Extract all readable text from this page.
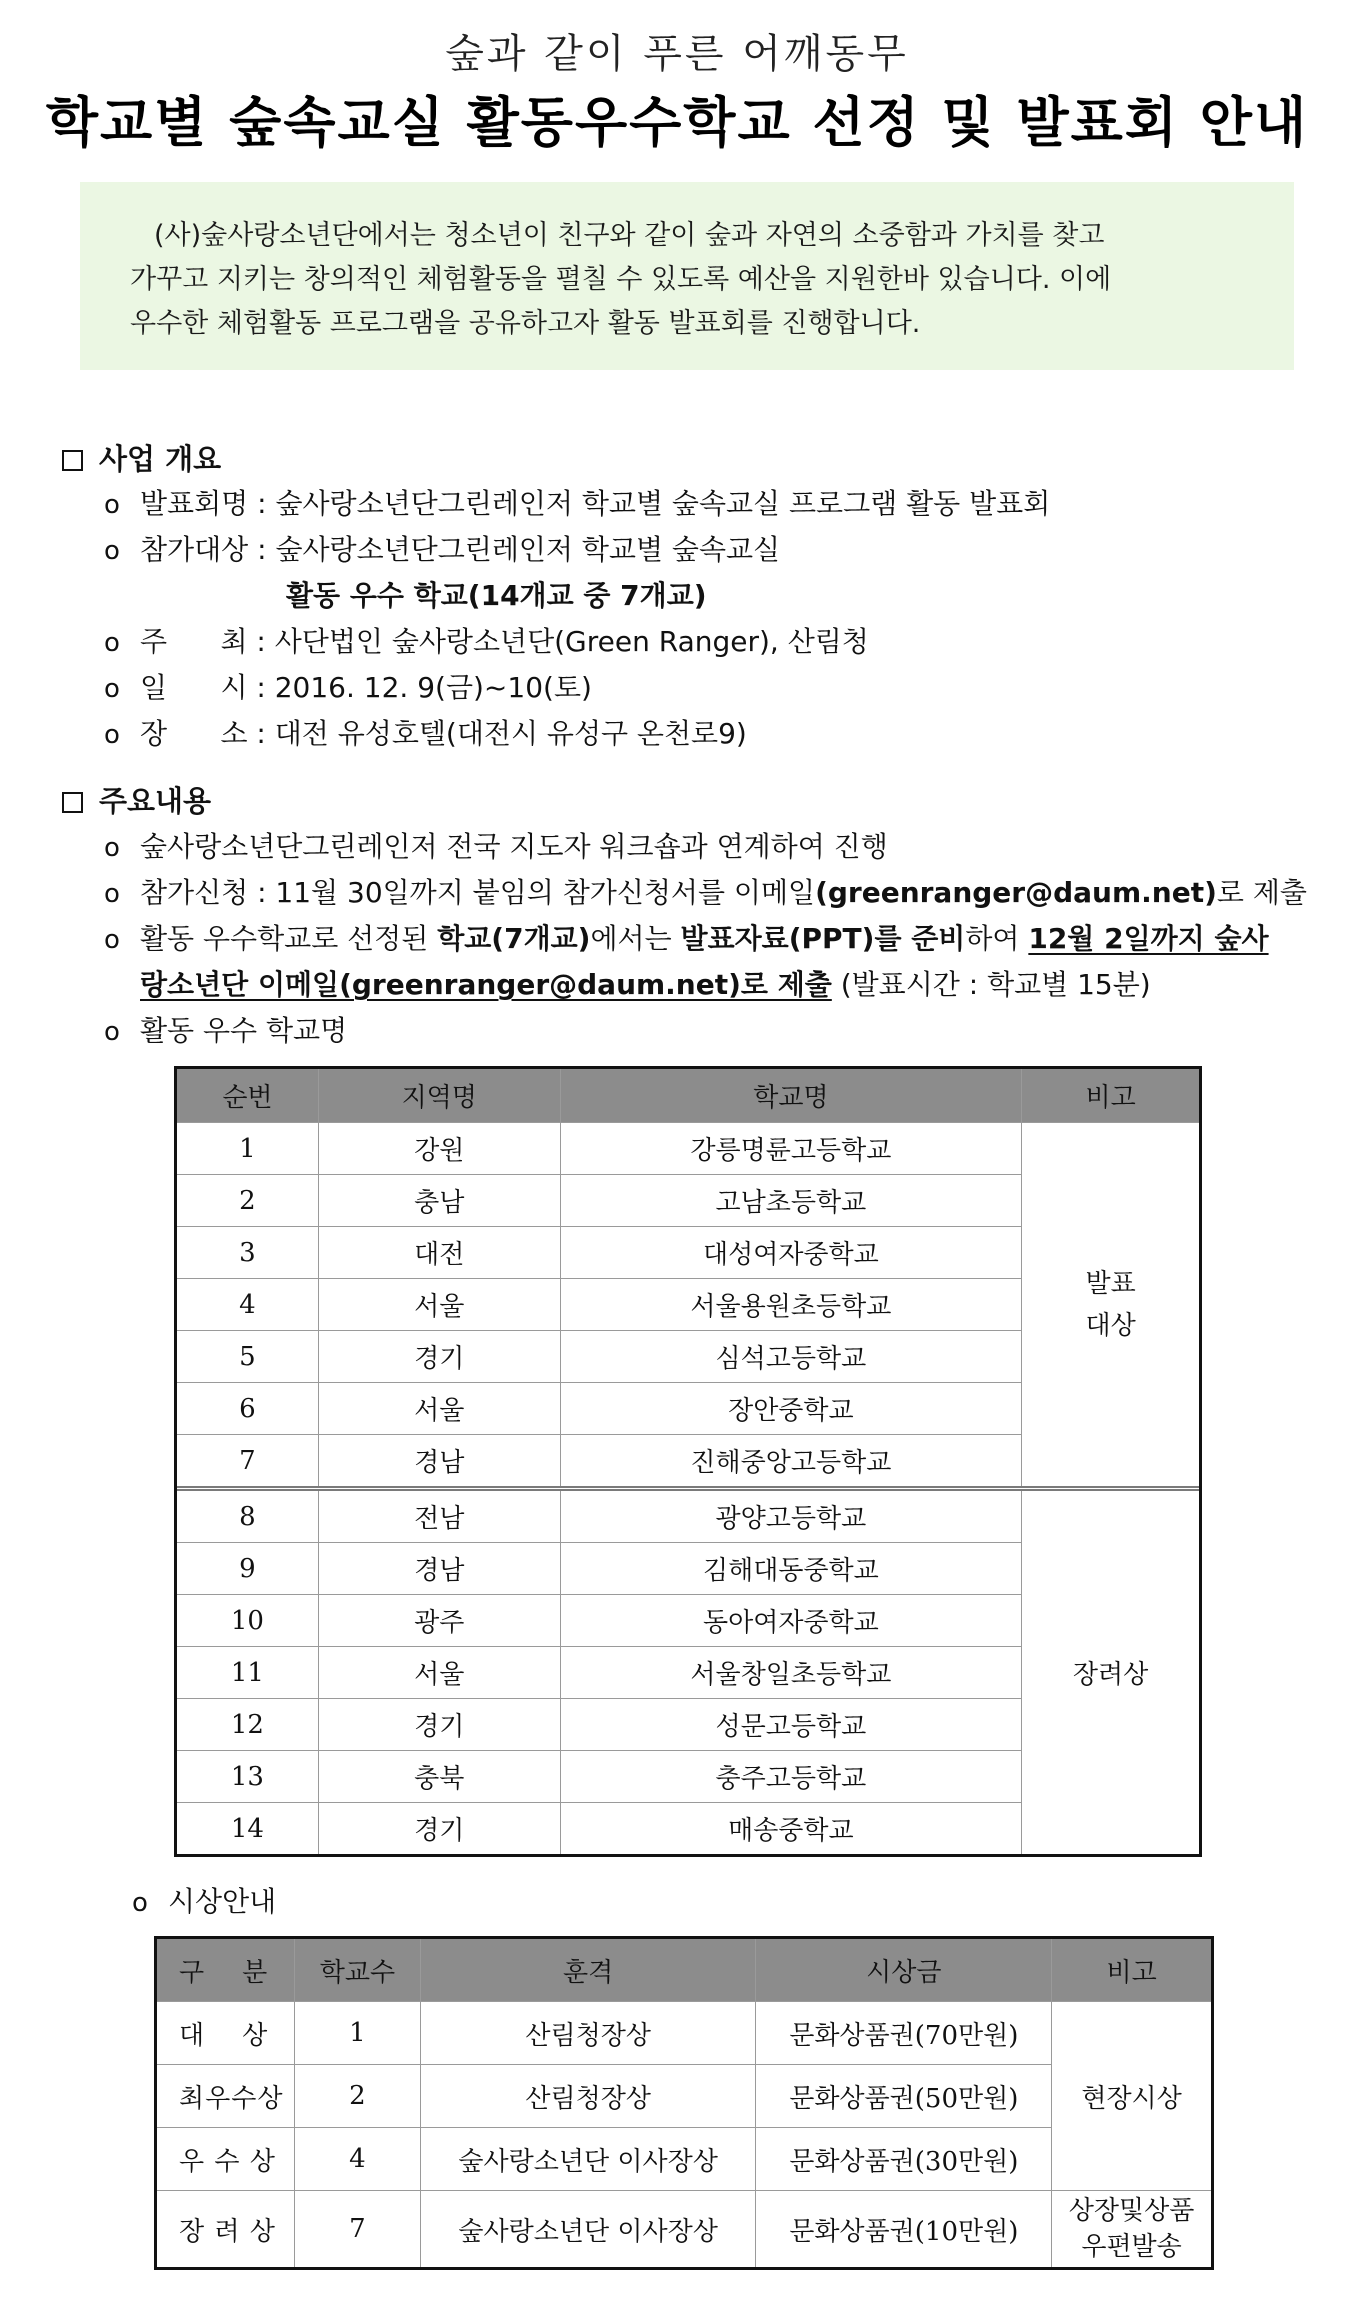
숲과 같이 푸른 어깨동무
학교별 숲속교실 활동우수학교 선정 및 발표회 안내
(사)숲사랑소년단에서는 청소년이 친구와 같이 숲과 자연의 소중함과 가치를 찾고
가꾸고 지키는 창의적인 체험활동을 펼칠 수 있도록 예산을 지원한바 있습니다. 이에
우수한 체험활동 프로그램을 공유하고자 활동 발표회를 진행합니다.
사업 개요
o 발표회명 : 숲사랑소년단그린레인저 학교별 숲속교실 프로그램 활동 발표회
o 참가대상 : 숲사랑소년단그린레인저 학교별 숲속교실
활동 우수 학교(14개교 중 7개교)
o 주      최 : 사단법인 숲사랑소년단(Green Ranger), 산림청
o 일      시 : 2016. 12. 9(금)~10(토)
o 장      소 : 대전 유성호텔(대전시 유성구 온천로9)
주요내용
o 숲사랑소년단그린레인저 전국 지도자 워크숍과 연계하여 진행
o 참가신청 : 11월 30일까지 붙임의 참가신청서를 이메일(greenranger@daum.net)로 제출
o 활동 우수학교로 선정된 학교(7개교)에서는 발표자료(PPT)를 준비하여 12월 2일까지 숲사
랑소년단 이메일(greenranger@daum.net)로 제출 (발표시간 : 학교별 15분)
o 활동 우수 학교명
순번	지역명	학교명	비고
1	강원	강릉명륜고등학교	발표
대상
2	충남	고남초등학교	
3	대전	대성여자중학교	
4	서울	서울용원초등학교	
5	경기	심석고등학교	
6	서울	장안중학교	
7	경남	진해중앙고등학교	
8	전남	광양고등학교	장려상
9	경남	김해대동중학교	
10	광주	동아여자중학교	
11	서울	서울창일초등학교	
12	경기	성문고등학교	
13	충북	충주고등학교	
14	경기	매송중학교	
o 시상안내
구    분	학교수	훈격	시상금	비고
대    상	1	산림청장상	문화상품권(70만원)	현장시상
최우수상	2	산림청장상	문화상품권(50만원)	
우 수 상	4	숲사랑소년단 이사장상	문화상품권(30만원)	
장 려 상	7	숲사랑소년단 이사장상	문화상품권(10만원)	상장및상품
우편발송
